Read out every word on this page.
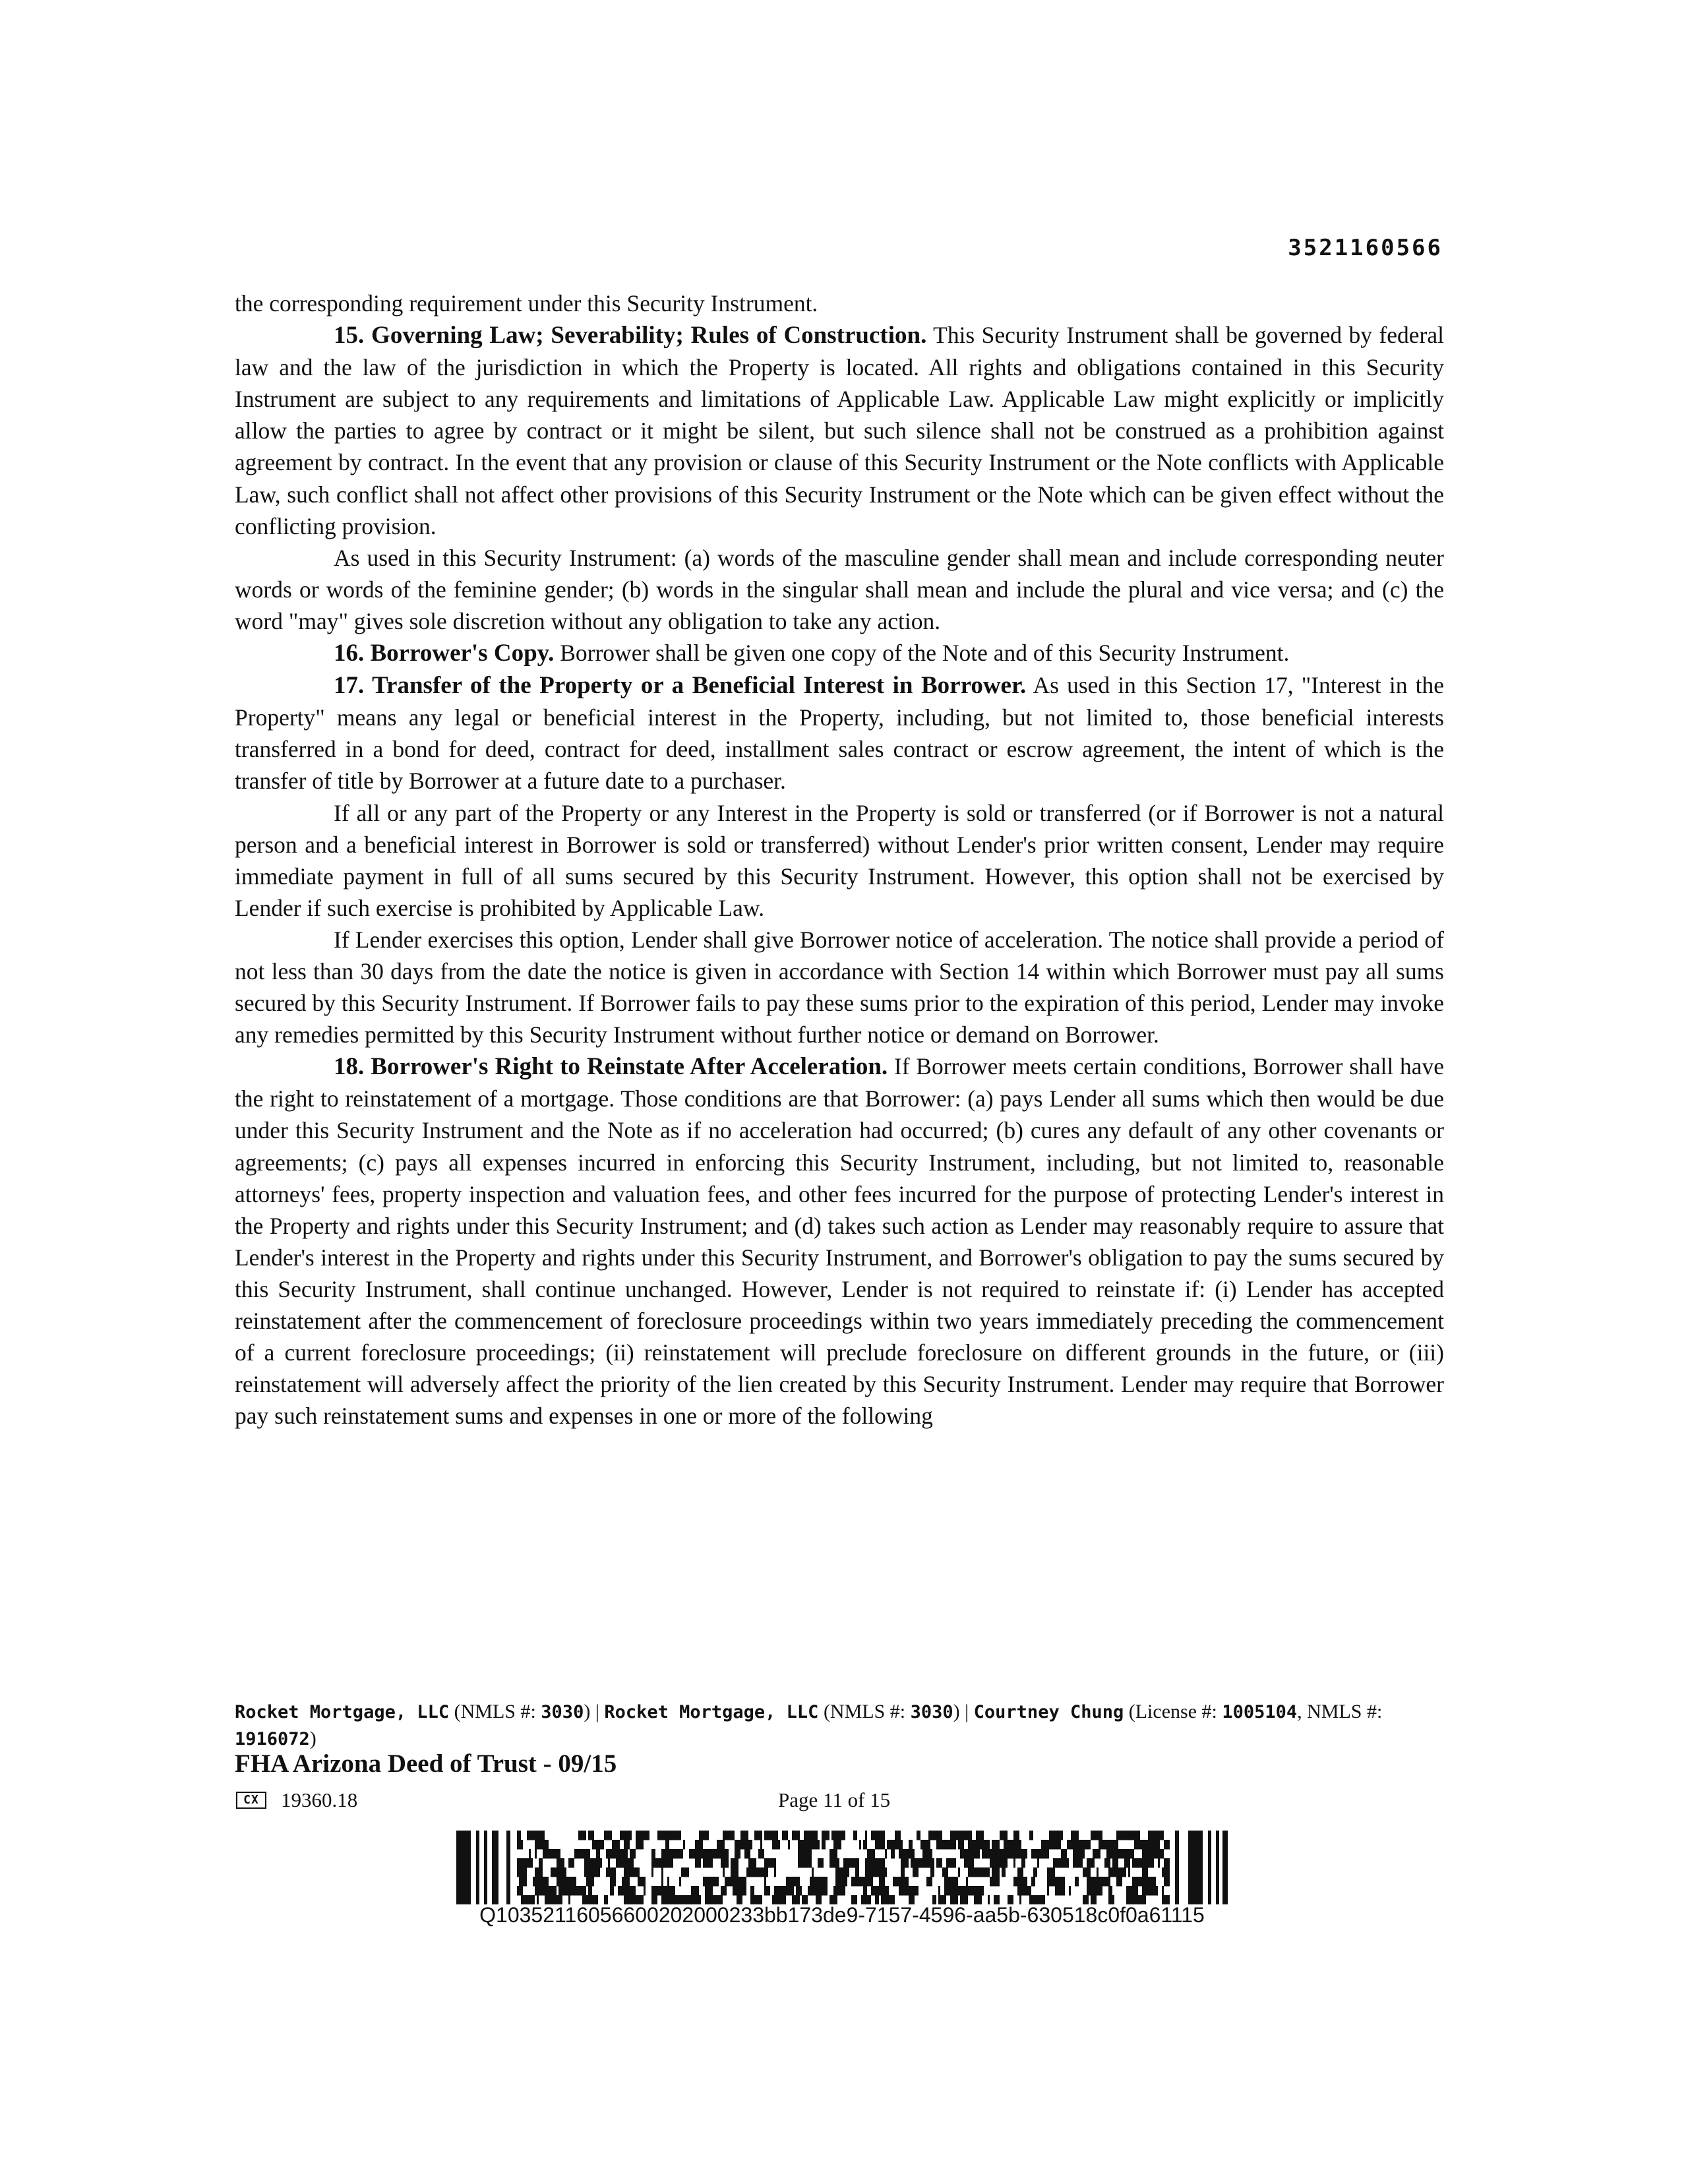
3521160566

the corresponding requirement under this Security Instrument.

15. Governing Law; Severability; Rules of Construction. This Security Instrument shall be governed by federal law and the law of the jurisdiction in which the Property is located. All rights and obligations contained in this Security Instrument are subject to any requirements and limitations of Applicable Law. Applicable Law might explicitly or implicitly allow the parties to agree by contract or it might be silent, but such silence shall not be construed as a prohibition against agreement by contract. In the event that any provision or clause of this Security Instrument or the Note conflicts with Applicable Law, such conflict shall not affect other provisions of this Security Instrument or the Note which can be given effect without the conflicting provision.

As used in this Security Instrument: (a) words of the masculine gender shall mean and include corresponding neuter words or words of the feminine gender; (b) words in the singular shall mean and include the plural and vice versa; and (c) the word "may" gives sole discretion without any obligation to take any action.

16. Borrower's Copy. Borrower shall be given one copy of the Note and of this Security Instrument.

17. Transfer of the Property or a Beneficial Interest in Borrower. As used in this Section 17, "Interest in the Property" means any legal or beneficial interest in the Property, including, but not limited to, those beneficial interests transferred in a bond for deed, contract for deed, installment sales contract or escrow agreement, the intent of which is the transfer of title by Borrower at a future date to a purchaser.

If all or any part of the Property or any Interest in the Property is sold or transferred (or if Borrower is not a natural person and a beneficial interest in Borrower is sold or transferred) without Lender's prior written consent, Lender may require immediate payment in full of all sums secured by this Security Instrument. However, this option shall not be exercised by Lender if such exercise is prohibited by Applicable Law.

If Lender exercises this option, Lender shall give Borrower notice of acceleration. The notice shall provide a period of not less than 30 days from the date the notice is given in accordance with Section 14 within which Borrower must pay all sums secured by this Security Instrument. If Borrower fails to pay these sums prior to the expiration of this period, Lender may invoke any remedies permitted by this Security Instrument without further notice or demand on Borrower.

18. Borrower's Right to Reinstate After Acceleration. If Borrower meets certain conditions, Borrower shall have the right to reinstatement of a mortgage. Those conditions are that Borrower: (a) pays Lender all sums which then would be due under this Security Instrument and the Note as if no acceleration had occurred; (b) cures any default of any other covenants or agreements; (c) pays all expenses incurred in enforcing this Security Instrument, including, but not limited to, reasonable attorneys' fees, property inspection and valuation fees, and other fees incurred for the purpose of protecting Lender's interest in the Property and rights under this Security Instrument; and (d) takes such action as Lender may reasonably require to assure that Lender's interest in the Property and rights under this Security Instrument, and Borrower's obligation to pay the sums secured by this Security Instrument, shall continue unchanged. However, Lender is not required to reinstate if: (i) Lender has accepted reinstatement after the commencement of foreclosure proceedings within two years immediately preceding the commencement of a current foreclosure proceedings; (ii) reinstatement will preclude foreclosure on different grounds in the future, or (iii) reinstatement will adversely affect the priority of the lien created by this Security Instrument. Lender may require that Borrower pay such reinstatement sums and expenses in one or more of the following

Rocket Mortgage, LLC (NMLS #: 3030) | Rocket Mortgage, LLC (NMLS #: 3030) | Courtney Chung (License #: 1005104, NMLS #: 1916072)
FHA Arizona Deed of Trust - 09/15
CX	19360.18	Page 11 of 15
Q10352116056600202000233bb173de9-7157-4596-aa5b-630518c0f0a61115
